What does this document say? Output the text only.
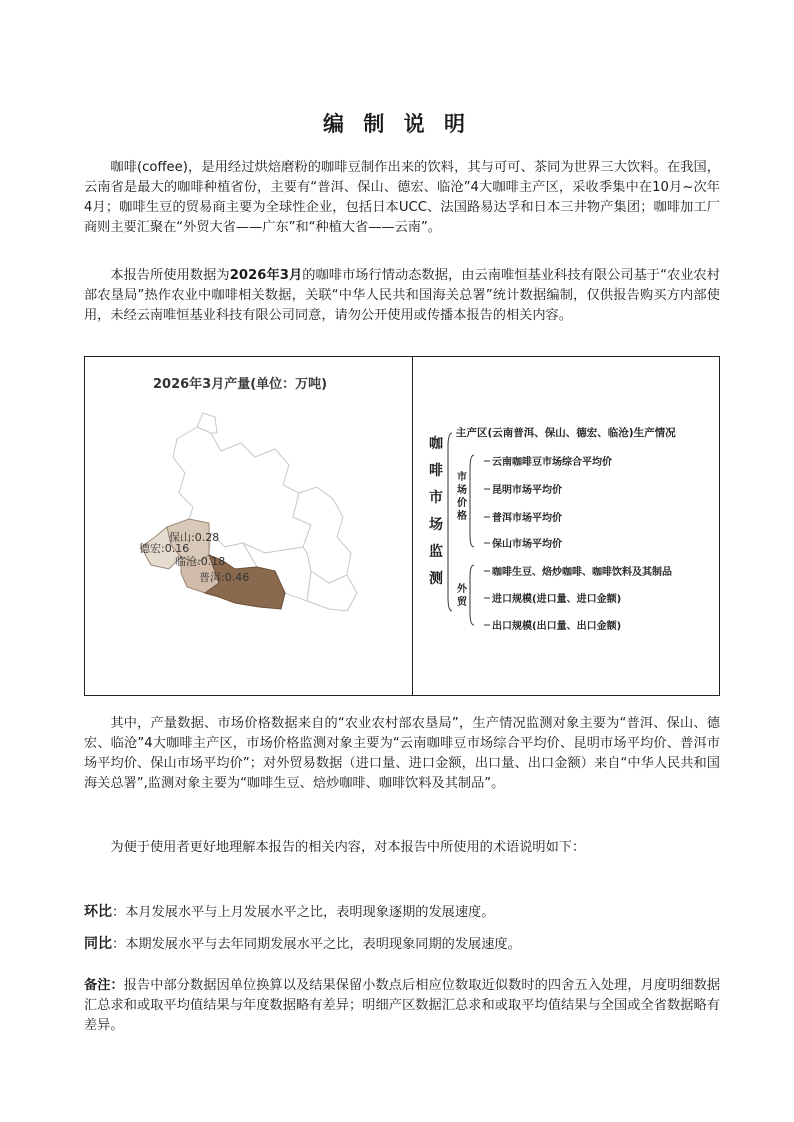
编 制 说 明

咖啡(coffee)，是用经过烘焙磨粉的咖啡豆制作出来的饮料，其与可可、茶同为世界三大饮料。在我国，云南省是最大的咖啡种植省份，主要有“普洱、保山、德宏、临沧”4大咖啡主产区，采收季集中在10月~次年4月；咖啡生豆的贸易商主要为全球性企业，包括日本UCC、法国路易达孚和日本三井物产集团；咖啡加工厂商则主要汇聚在“外贸大省——广东”和“种植大省——云南”。

本报告所使用数据为2026年3月的咖啡市场行情动态数据，由云南唯恒基业科技有限公司基于“农业农村部农垦局”热作农业中咖啡相关数据，关联“中华人民共和国海关总署”统计数据编制，仅供报告购买方内部使用，未经云南唯恒基业科技有限公司同意，请勿公开使用或传播本报告的相关内容。

2026年3月产量(单位：万吨)
保山:0.28
德宏:0.16
临沧:0.18
普洱:0.46
咖
啡
市
场
监
测
主产区(云南普洱、保山、德宏、临沧)生产情况
市
场
价
格
云南咖啡豆市场综合平均价
昆明市场平均价
普洱市场平均价
保山市场平均价
外
贸
咖啡生豆、焙炒咖啡、咖啡饮料及其制品
进口规模(进口量、进口金额)
出口规模(出口量、出口金额)

其中，产量数据、市场价格数据来自的“农业农村部农垦局”，生产情况监测对象主要为“普洱、保山、德宏、临沧”4大咖啡主产区，市场价格监测对象主要为“云南咖啡豆市场综合平均价、昆明市场平均价、普洱市场平均价、保山市场平均价”；对外贸易数据（进口量、进口金额，出口量、出口金额）来自“中华人民共和国海关总署”,监测对象主要为“咖啡生豆、焙炒咖啡、咖啡饮料及其制品”。

为便于使用者更好地理解本报告的相关内容，对本报告中所使用的术语说明如下：

环比：本月发展水平与上月发展水平之比，表明现象逐期的发展速度。

同比：本期发展水平与去年同期发展水平之比，表明现象同期的发展速度。

备注：报告中部分数据因单位换算以及结果保留小数点后相应位数取近似数时的四舍五入处理，月度明细数据汇总求和或取平均值结果与年度数据略有差异；明细产区数据汇总求和或取平均值结果与全国或全省数据略有差异。
